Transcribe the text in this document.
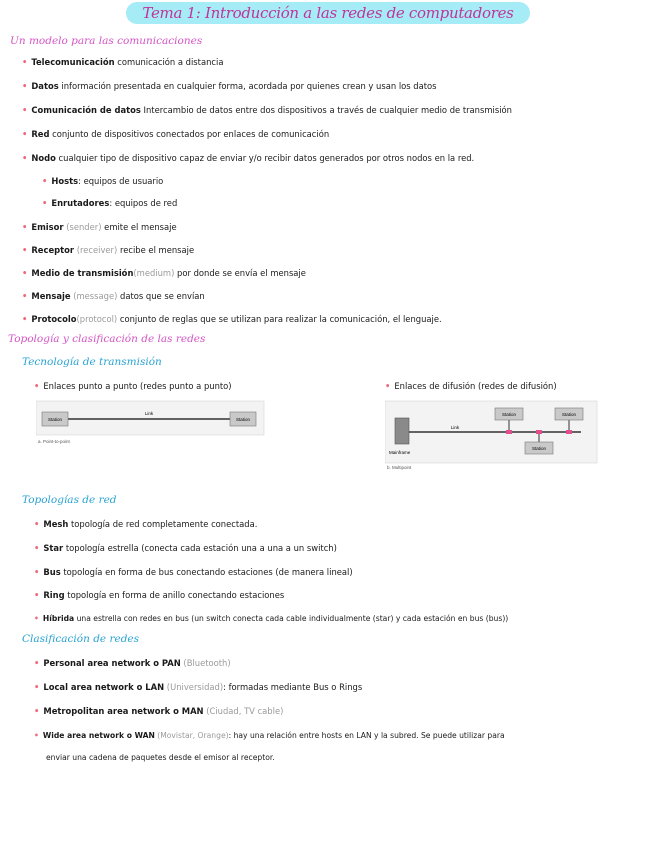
Tema 1: Introducción a las redes de computadores
Un modelo para las comunicaciones
• Telecomunicación comunicación a distancia
• Datos información presentada en cualquier forma, acordada por quienes crean y usan los datos
• Comunicación de datos Intercambio de datos entre dos dispositivos a través de cualquier medio de transmisión
• Red conjunto de dispositivos conectados por enlaces de comunicación
• Nodo cualquier tipo de dispositivo capaz de enviar y/o recibir datos generados por otros nodos en la red.
• Hosts: equipos de usuario
• Enrutadores: equipos de red
• Emisor (sender) emite el mensaje
• Receptor (receiver) recibe el mensaje
• Medio de transmisión(medium) por donde se envía el mensaje
• Mensaje (message) datos que se envían
• Protocolo(protocol) conjunto de reglas que se utilizan para realizar la comunicación, el lenguaje.
Topología y clasificación de las redes
Tecnología de transmisión
• Enlaces punto a punto (redes punto a punto)	• Enlaces de difusión (redes de difusión)
Station	Station
Link
a. Point-to-point
Station	Station
Station
Link
Mainframe
b. Multipoint
Topologías de red
• Mesh topología de red completamente conectada.
• Star topología estrella (conecta cada estación una a una a un switch)
• Bus topología en forma de bus conectando estaciones (de manera lineal)
• Ring topología en forma de anillo conectando estaciones
• Híbrida una estrella con redes en bus (un switch conecta cada cable individualmente (star) y cada estación en bus (bus))
Clasificación de redes
• Personal area network o PAN (Bluetooth)
• Local area network o LAN (Universidad): formadas mediante Bus o Rings
• Metropolitan area network o MAN (Ciudad, TV cable)
• Wide area network o WAN (Movistar, Orange): hay una relación entre hosts en LAN y la subred. Se puede utilizar para
enviar una cadena de paquetes desde el emisor al receptor.
